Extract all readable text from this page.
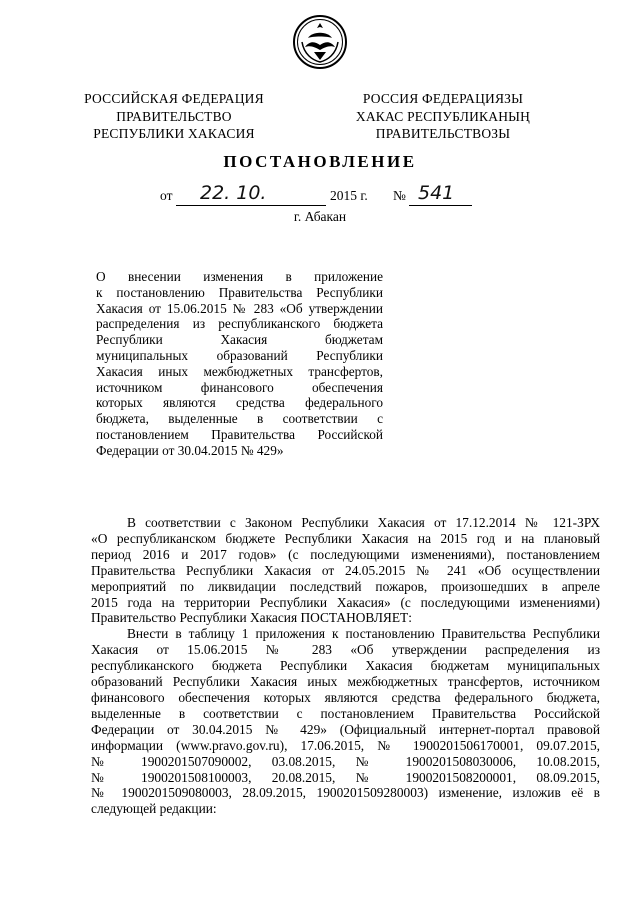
РОССИЙСКАЯ ФЕДЕРАЦИЯ
ПРАВИТЕЛЬСТВО
РЕСПУБЛИКИ ХАКАСИЯ
РОССИЯ ФЕДЕРАЦИЯЗЫ
ХАКАС РЕСПУБЛИКАНЫҢ
ПРАВИТЕЛЬСТВОЗЫ
ПОСТАНОВЛЕНИЕ
от 22. 10.	2015 г. № 541
г. Абакан
О внесении изменения в приложение
к постановлению Правительства Республики
Хакасия от 15.06.2015 № 283 «Об утверждении
распределения из республиканского бюджета
Республики Хакасия бюджетам
муниципальных образований Республики
Хакасия иных межбюджетных трансфертов,
источником финансового обеспечения
которых являются средства федерального
бюджета, выделенные в соответствии с
постановлением Правительства Российской
Федерации от 30.04.2015 № 429»
В соответствии с Законом Республики Хакасия от 17.12.2014 № 121-ЗРХ
«О республиканском бюджете Республики Хакасия на 2015 год и на плановый
период 2016 и 2017 годов» (с последующими изменениями), постановлением
Правительства Республики Хакасия от 24.05.2015 № 241 «Об осуществлении
мероприятий по ликвидации последствий пожаров, произошедших в апреле
2015 года на территории Республики Хакасия» (с последующими изменениями)
Правительство Республики Хакасия ПОСТАНОВЛЯЕТ:
Внести в таблицу 1 приложения к постановлению Правительства Республики
Хакасия от 15.06.2015 № 283 «Об утверждении распределения из
республиканского бюджета Республики Хакасия бюджетам муниципальных
образований Республики Хакасия иных межбюджетных трансфертов, источником
финансового обеспечения которых являются средства федерального бюджета,
выделенные в соответствии с постановлением Правительства Российской
Федерации от 30.04.2015 № 429» (Официальный интернет-портал правовой
информации (www.pravo.gov.ru), 17.06.2015, № 1900201506170001, 09.07.2015,
№ 1900201507090002, 03.08.2015, № 1900201508030006, 10.08.2015,
№ 1900201508100003, 20.08.2015, № 1900201508200001, 08.09.2015,
№ 1900201509080003, 28.09.2015, 1900201509280003) изменение, изложив её в
следующей редакции:
